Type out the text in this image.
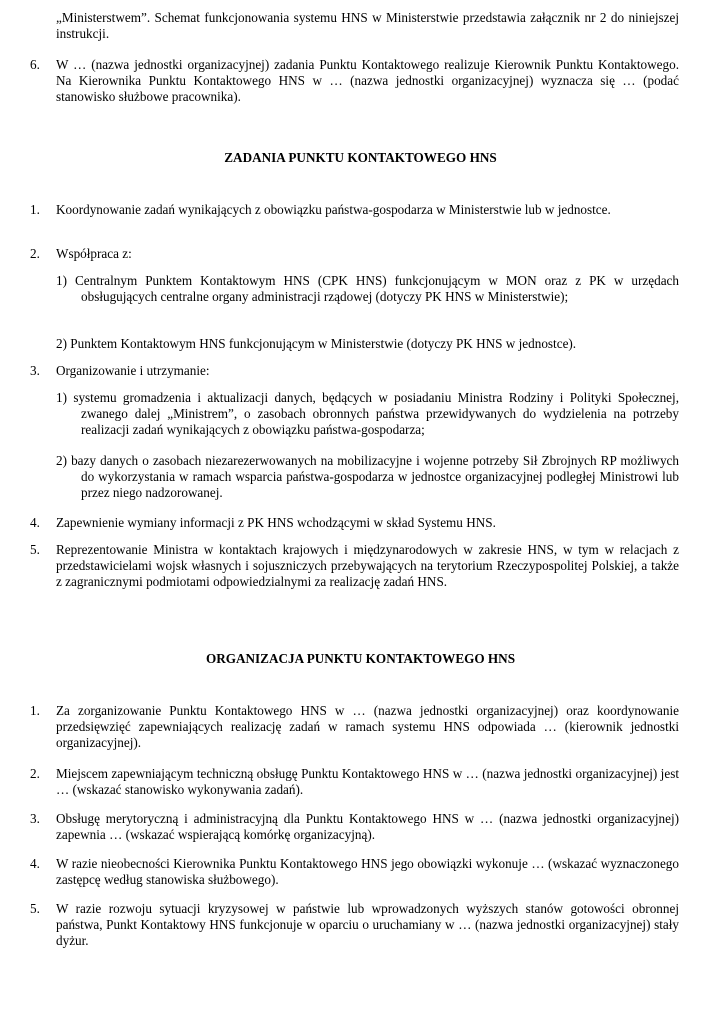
„Ministerstwem”. Schemat funkcjonowania systemu HNS w Ministerstwie przedstawia załącznik nr 2 do niniejszej instrukcji.

6.	W … (nazwa jednostki organizacyjnej) zadania Punktu Kontaktowego realizuje Kierownik Punktu Kontaktowego. Na Kierownika Punktu Kontaktowego HNS w … (nazwa jednostki organizacyjnej) wyznacza się … (podać stanowisko służbowe pracownika).

ZADANIA PUNKTU KONTAKTOWEGO HNS

1.	Koordynowanie zadań wynikających z obowiązku państwa-gospodarza w Ministerstwie lub w jednostce.
2.	Współpraca z:

1) Centralnym Punktem Kontaktowym HNS (CPK HNS) funkcjonującym w MON oraz z PK w urzędach obsługujących centralne organy administracji rządowej (dotyczy PK HNS w Ministerstwie);

2) Punktem Kontaktowym HNS funkcjonującym w Ministerstwie (dotyczy PK HNS w jednostce).

3.	Organizowanie i utrzymanie:

1) systemu gromadzenia i aktualizacji danych, będących w posiadaniu Ministra Rodziny i Polityki Społecznej, zwanego dalej „Ministrem”, o zasobach obronnych państwa przewidywanych do wydzielenia na potrzeby realizacji zadań wynikających z obowiązku państwa-gospodarza;

2) bazy danych o zasobach niezarezerwowanych na mobilizacyjne i wojenne potrzeby Sił Zbrojnych RP możliwych do wykorzystania w ramach wsparcia państwa-gospodarza w jednostce organizacyjnej podległej Ministrowi lub przez niego nadzorowanej.

4.	Zapewnienie wymiany informacji z PK HNS wchodzącymi w skład Systemu HNS.
5.	Reprezentowanie Ministra w kontaktach krajowych i międzynarodowych w zakresie HNS, w tym w relacjach z przedstawicielami wojsk własnych i sojuszniczych przebywających na terytorium Rzeczypospolitej Polskiej, a także z zagranicznymi podmiotami odpowiedzialnymi za realizację zadań HNS.

ORGANIZACJA PUNKTU KONTAKTOWEGO HNS

1.	Za zorganizowanie Punktu Kontaktowego HNS w … (nazwa jednostki organizacyjnej) oraz koordynowanie przedsięwzięć zapewniających realizację zadań w ramach systemu HNS odpowiada … (kierownik jednostki organizacyjnej).
2.	Miejscem zapewniającym techniczną obsługę Punktu Kontaktowego HNS w … (nazwa jednostki organizacyjnej) jest … (wskazać stanowisko wykonywania zadań).
3.	Obsługę merytoryczną i administracyjną dla Punktu Kontaktowego HNS w … (nazwa jednostki organizacyjnej) zapewnia … (wskazać wspierającą komórkę organizacyjną).
4.	W razie nieobecności Kierownika Punktu Kontaktowego HNS jego obowiązki wykonuje … (wskazać wyznaczonego zastępcę według stanowiska służbowego).
5.	W razie rozwoju sytuacji kryzysowej w państwie lub wprowadzonych wyższych stanów gotowości obronnej państwa, Punkt Kontaktowy HNS funkcjonuje w oparciu o uruchamiany w … (nazwa jednostki organizacyjnej) stały dyżur.
